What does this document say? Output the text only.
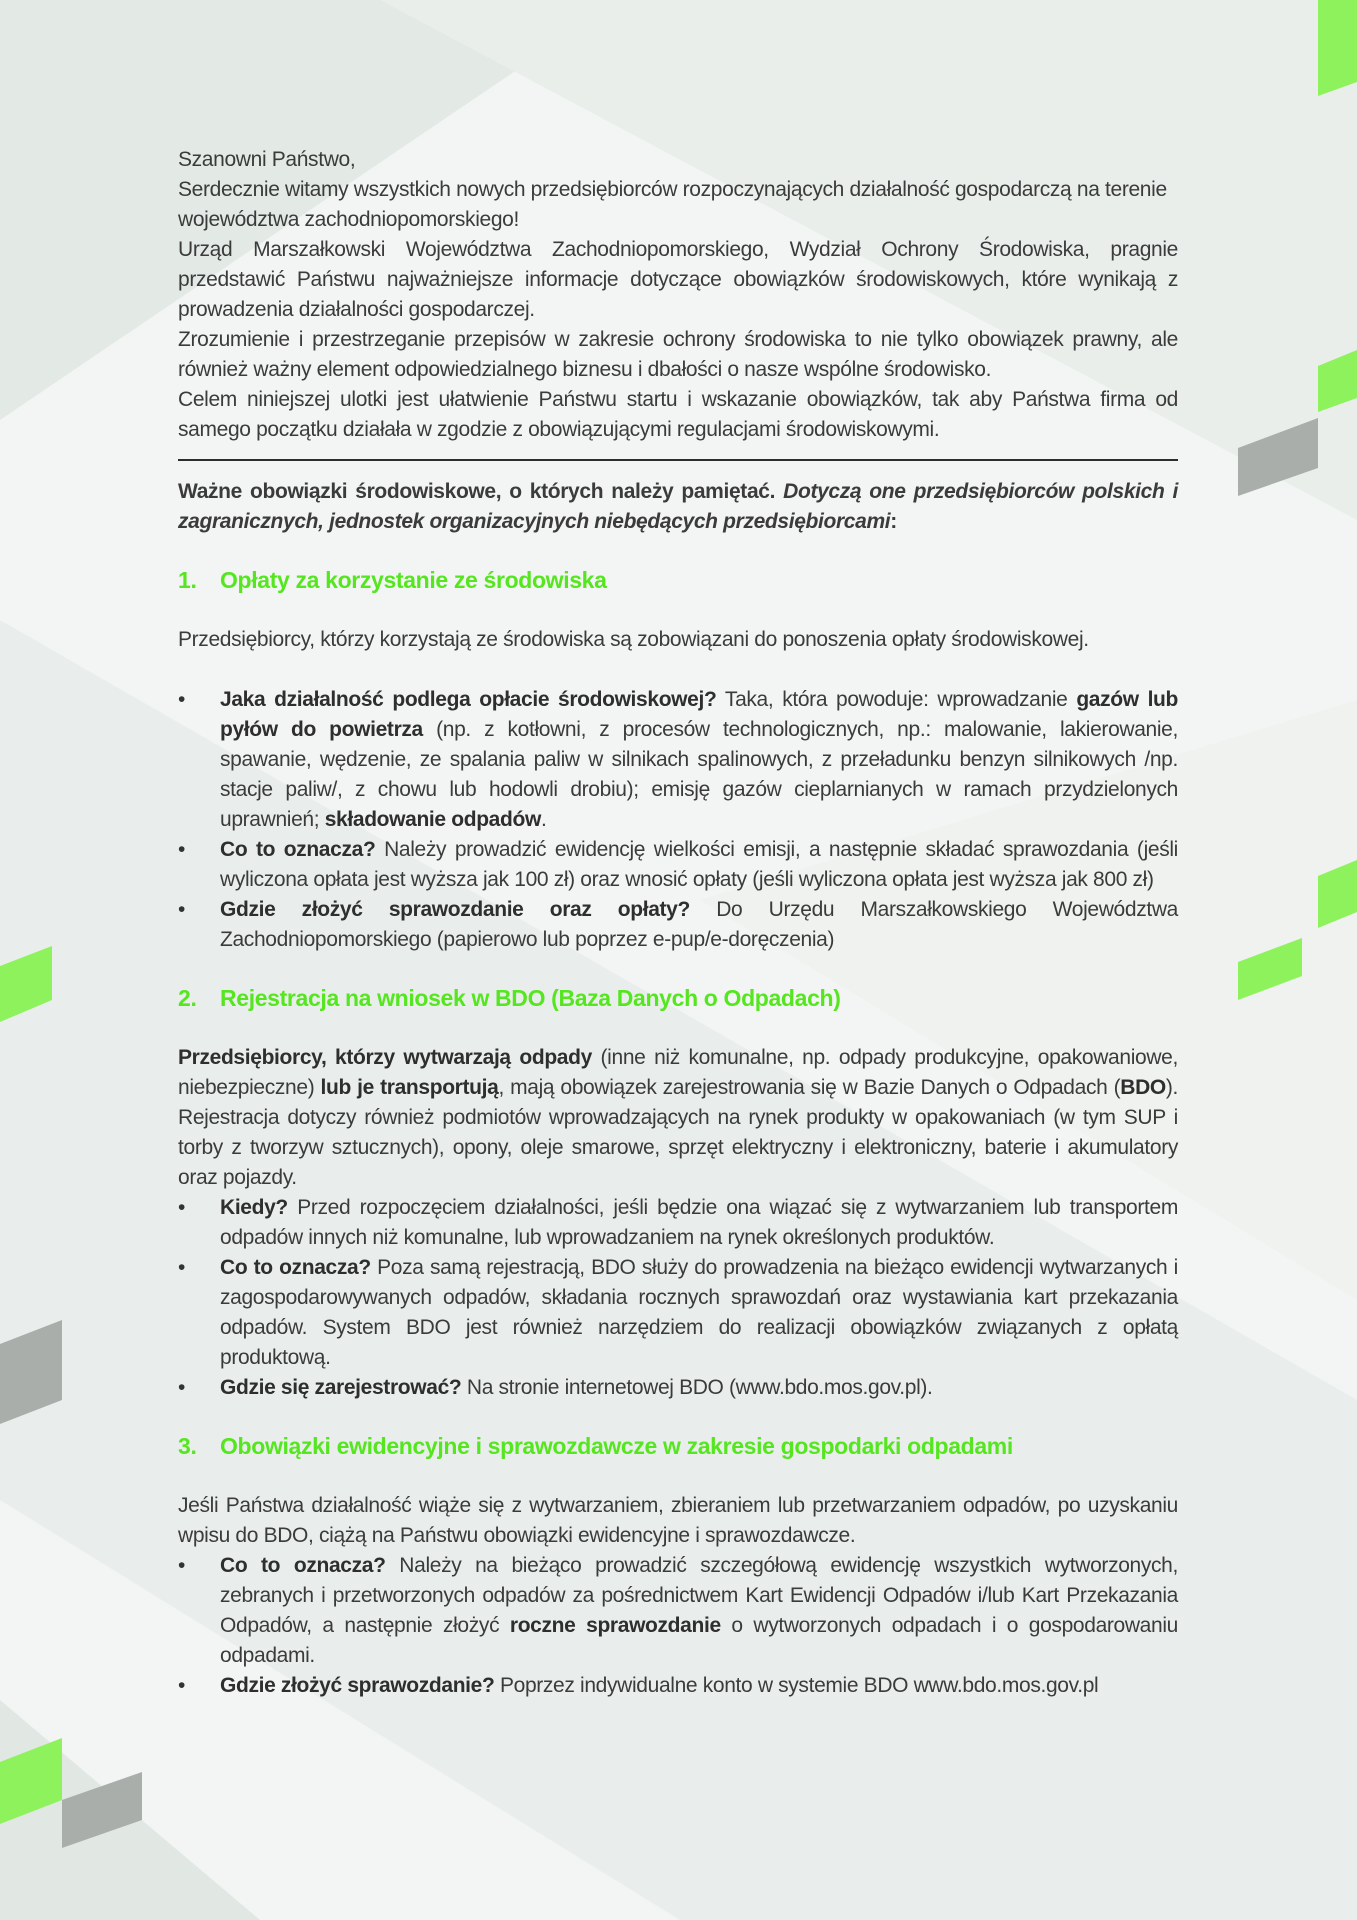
Szanowni Państwo,

Serdecznie witamy wszystkich nowych przedsiębiorców rozpoczynających działalność gospodarczą na terenie województwa zachodniopomorskiego!

Urząd Marszałkowski Województwa Zachodniopomorskiego, Wydział Ochrony Środowiska, pragnie przedstawić Państwu najważniejsze informacje dotyczące obowiązków środowiskowych, które wynikają z prowadzenia działalności gospodarczej.

Zrozumienie i przestrzeganie przepisów w zakresie ochrony środowiska to nie tylko obowiązek prawny, ale również ważny element odpowiedzialnego biznesu i dbałości o nasze wspólne środowisko.

Celem niniejszej ulotki jest ułatwienie Państwu startu i wskazanie obowiązków, tak aby Państwa firma od samego początku działała w zgodzie z obowiązującymi regulacjami środowiskowymi.

Ważne obowiązki środowiskowe, o których należy pamiętać. Dotyczą one przedsiębiorców polskich i zagranicznych, jednostek organizacyjnych niebędących przedsiębiorcami:

1.	Opłaty za korzystanie ze środowiska

Przedsiębiorcy, którzy korzystają ze środowiska są zobowiązani do ponoszenia opłaty środowiskowej.

• Jaka działalność podlega opłacie środowiskowej? Taka, która powoduje: wprowadzanie gazów lub pyłów do powietrza (np. z kotłowni, z procesów technologicznych, np.: malowanie, lakierowanie, spawanie, wędzenie, ze spalania paliw w silnikach spalinowych, z przeładunku benzyn silnikowych /np. stacje paliw/, z chowu lub hodowli drobiu); emisję gazów cieplarnianych w ramach przydzielonych uprawnień; składowanie odpadów.
• Co to oznacza? Należy prowadzić ewidencję wielkości emisji, a następnie składać sprawozdania (jeśli wyliczona opłata jest wyższa jak 100 zł) oraz wnosić opłaty (jeśli wyliczona opłata jest wyższa jak 800 zł)
• Gdzie złożyć sprawozdanie oraz opłaty? Do Urzędu Marszałkowskiego Województwa Zachodniopomorskiego (papierowo lub poprzez e-pup/e-doręczenia)
2.	Rejestracja na wniosek w BDO (Baza Danych o Odpadach)

Przedsiębiorcy, którzy wytwarzają odpady (inne niż komunalne, np. odpady produkcyjne, opakowaniowe, niebezpieczne) lub je transportują, mają obowiązek zarejestrowania się w Bazie Danych o Odpadach (BDO). Rejestracja dotyczy również podmiotów wprowadzających na rynek produkty w opakowaniach (w tym SUP i torby z tworzyw sztucznych), opony, oleje smarowe, sprzęt elektryczny i elektroniczny, baterie i akumulatory oraz pojazdy.

• Kiedy? Przed rozpoczęciem działalności, jeśli będzie ona wiązać się z wytwarzaniem lub transportem odpadów innych niż komunalne, lub wprowadzaniem na rynek określonych produktów.
• Co to oznacza? Poza samą rejestracją, BDO służy do prowadzenia na bieżąco ewidencji wytwarzanych i zagospodarowywanych odpadów, składania rocznych sprawozdań oraz wystawiania kart przekazania odpadów. System BDO jest również narzędziem do realizacji obowiązków związanych z opłatą produktową.
• Gdzie się zarejestrować? Na stronie internetowej BDO (www.bdo.mos.gov.pl).
3.	Obowiązki ewidencyjne i sprawozdawcze w zakresie gospodarki odpadami

Jeśli Państwa działalność wiąże się z wytwarzaniem, zbieraniem lub przetwarzaniem odpadów, po uzyskaniu wpisu do BDO, ciążą na Państwu obowiązki ewidencyjne i sprawozdawcze.

• Co to oznacza? Należy na bieżąco prowadzić szczegółową ewidencję wszystkich wytworzonych, zebranych i przetworzonych odpadów za pośrednictwem Kart Ewidencji Odpadów i/lub Kart Przekazania Odpadów, a następnie złożyć roczne sprawozdanie o wytworzonych odpadach i o gospodarowaniu odpadami.
• Gdzie złożyć sprawozdanie? Poprzez indywidualne konto w systemie BDO www.bdo.mos.gov.pl
